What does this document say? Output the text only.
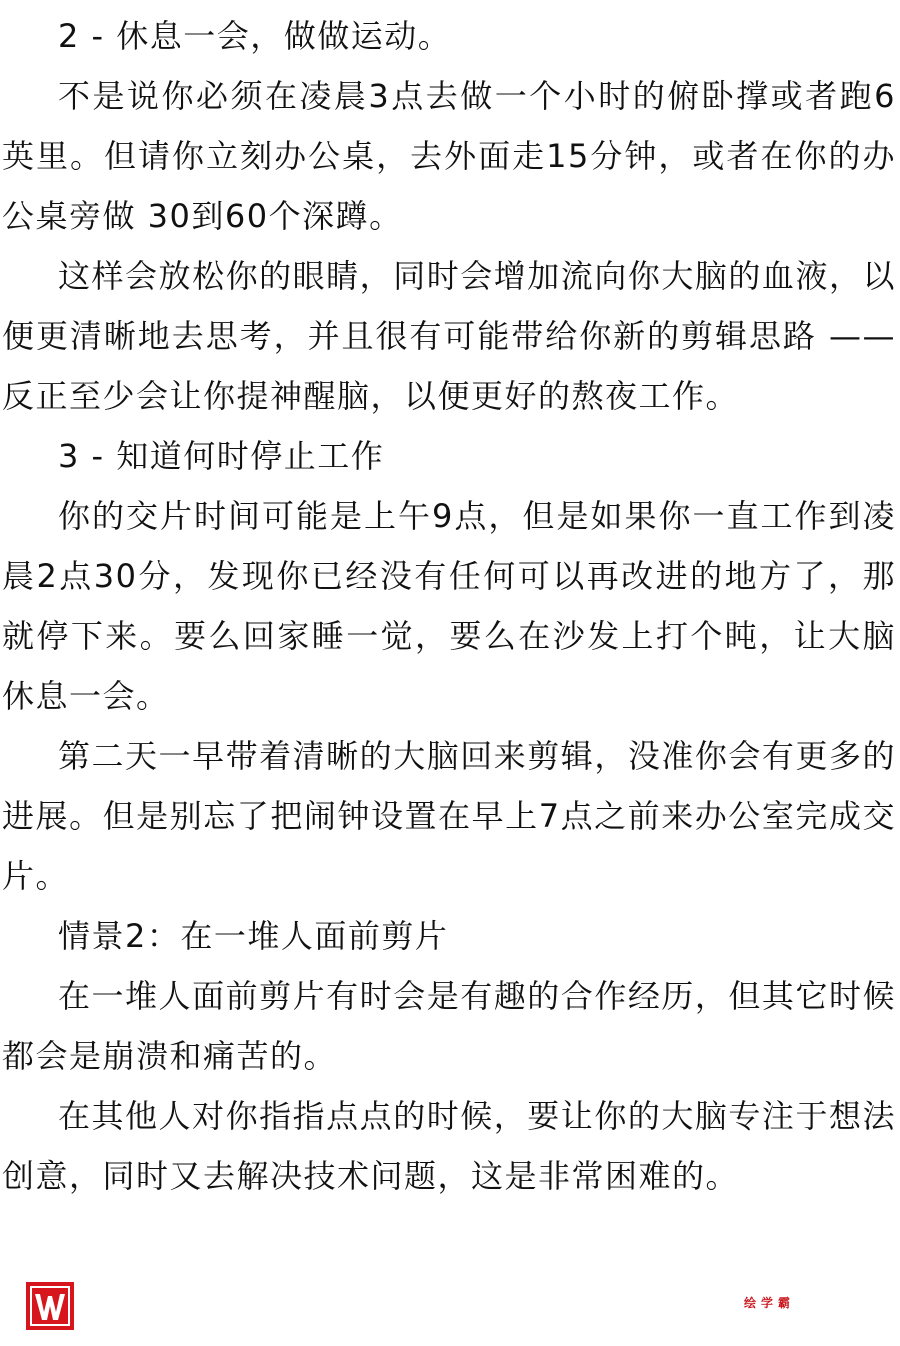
2 - 休息一会，做做运动。

不是说你必须在凌晨3点去做一个小时的俯卧撑或者跑6英里。但请你立刻办公桌，去外面走15分钟，或者在你的办公桌旁做 30到60个深蹲。

这样会放松你的眼睛，同时会增加流向你大脑的血液，以便更清晰地去思考，并且很有可能带给你新的剪辑思路 ——反正至少会让你提神醒脑，以便更好的熬夜工作。

3 - 知道何时停止工作

你的交片时间可能是上午9点，但是如果你一直工作到凌晨2点30分，发现你已经没有任何可以再改进的地方了，那就停下来。要么回家睡一觉，要么在沙发上打个盹，让大脑休息一会。

第二天一早带着清晰的大脑回来剪辑，没准你会有更多的进展。但是别忘了把闹钟设置在早上7点之前来办公室完成交片。

情景2：在一堆人面前剪片

在一堆人面前剪片有时会是有趣的合作经历，但其它时候都会是崩溃和痛苦的。

在其他人对你指指点点的时候，要让你的大脑专注于想法创意，同时又去解决技术问题，这是非常困难的。

绘学霸
